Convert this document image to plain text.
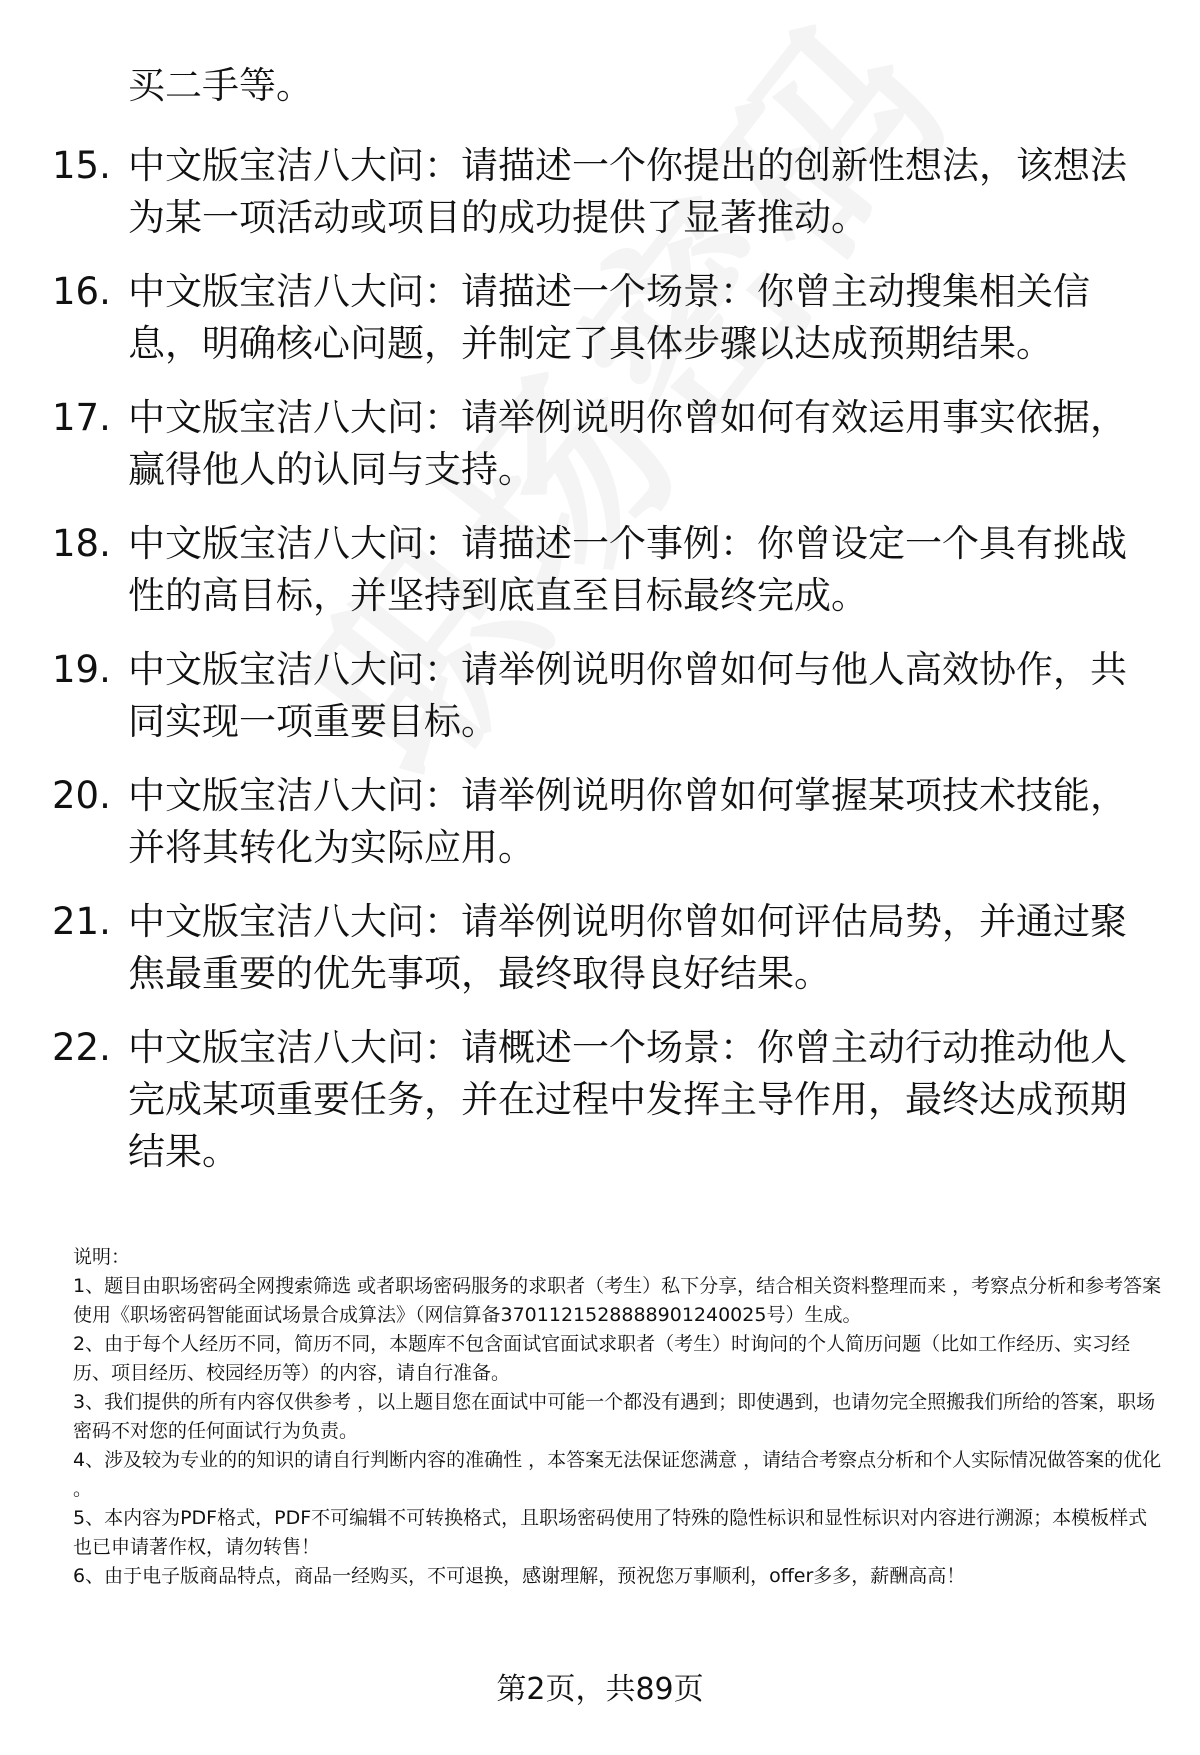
买二手等。
15. 中文版宝洁八大问：请描述一个你提出的创新性想法，该想法为某一项活动或项目的成功提供了显著推动。
16. 中文版宝洁八大问：请描述一个场景：你曾主动搜集相关信息，明确核心问题，并制定了具体步骤以达成预期结果。
17. 中文版宝洁八大问：请举例说明你曾如何有效运用事实依据，赢得他人的认同与支持。
18. 中文版宝洁八大问：请描述一个事例：你曾设定一个具有挑战性的高目标，并坚持到底直至目标最终完成。
19. 中文版宝洁八大问：请举例说明你曾如何与他人高效协作，共同实现一项重要目标。
20. 中文版宝洁八大问：请举例说明你曾如何掌握某项技术技能，并将其转化为实际应用。
21. 中文版宝洁八大问：请举例说明你曾如何评估局势，并通过聚焦最重要的优先事项，最终取得良好结果。
22. 中文版宝洁八大问：请概述一个场景：你曾主动行动推动他人完成某项重要任务，并在过程中发挥主导作用，最终达成预期结果。
说明：
1、题目由职场密码全网搜索筛选 或者职场密码服务的求职者（考生）私下分享，结合相关资料整理而来 ，考察点分析和参考答案使用《职场密码智能面试场景合成算法》（网信算备3701121528888901240025号）生成。
2、由于每个人经历不同，简历不同，本题库不包含面试官面试求职者（考生）时询问的个人简历问题（比如工作经历、实习经历、项目经历、校园经历等）的内容，请自行准备。
3、我们提供的所有内容仅供参考 ，以上题目您在面试中可能一个都没有遇到；即使遇到，也请勿完全照搬我们所给的答案，职场密码不对您的任何面试行为负责。
4、涉及较为专业的的知识的请自行判断内容的准确性 ，本答案无法保证您满意 ，请结合考察点分析和个人实际情况做答案的优化 。
5、本内容为PDF格式，PDF不可编辑不可转换格式，且职场密码使用了特殊的隐性标识和显性标识对内容进行溯源；本模板样式也已申请著作权，请勿转售！
6、由于电子版商品特点，商品一经购买，不可退换，感谢理解，预祝您万事顺利，offer多多，薪酬高高！
第2页，共89页
